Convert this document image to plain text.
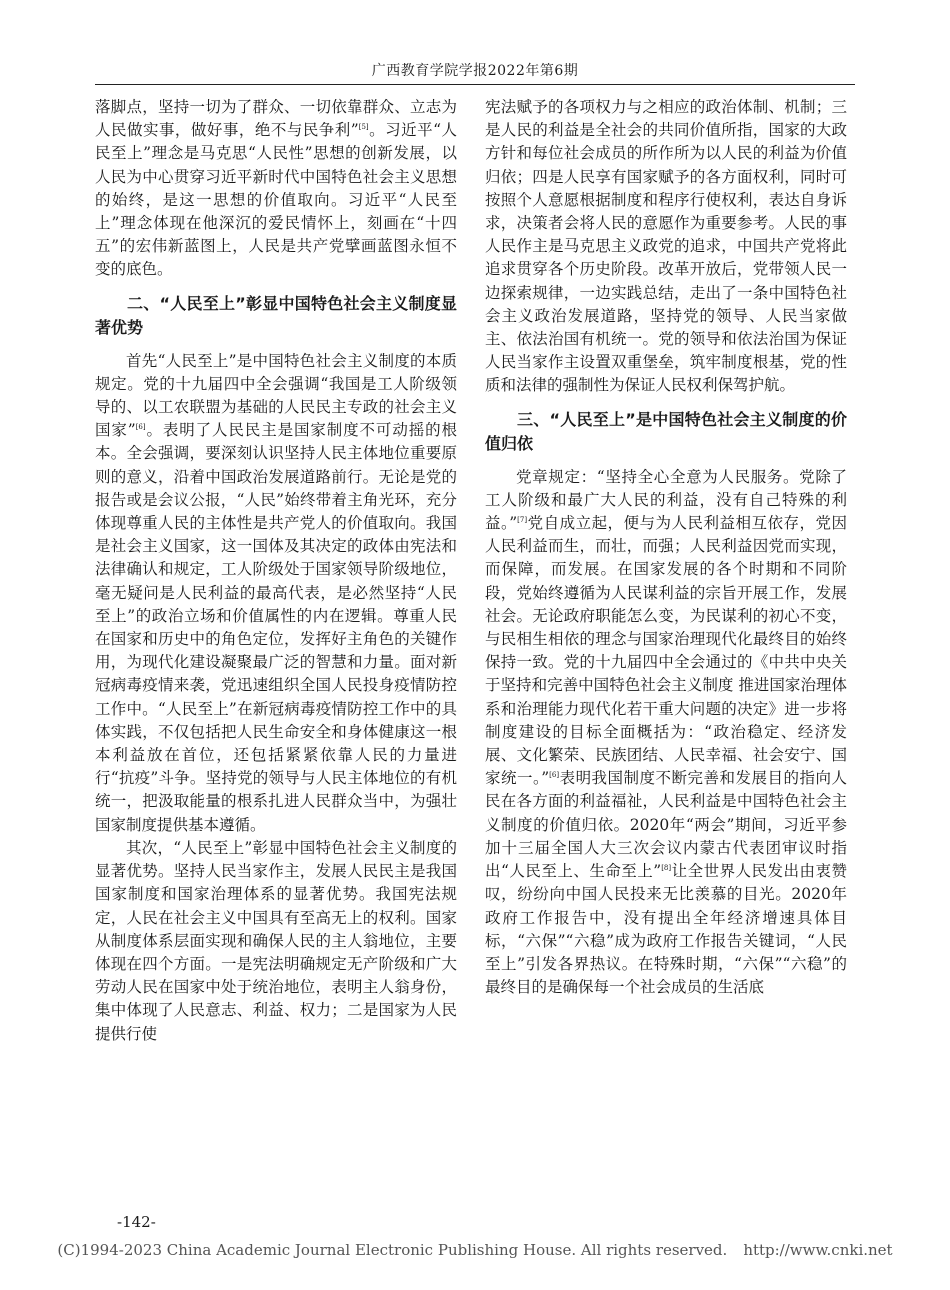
广西教育学院学报2022年第6期

落脚点，坚持一切为了群众、一切依靠群众、立志为人民做实事，做好事，绝不与民争利”[5]。习近平“人民至上”理念是马克思“人民性”思想的创新发展，以人民为中心贯穿习近平新时代中国特色社会主义思想的始终，是这一思想的价值取向。习近平“人民至上”理念体现在他深沉的爱民情怀上，刻画在“十四五”的宏伟新蓝图上，人民是共产党擘画蓝图永恒不变的底色。

二、“人民至上”彰显中国特色社会主义制度显著优势

首先“人民至上”是中国特色社会主义制度的本质规定。党的十九届四中全会强调“我国是工人阶级领导的、以工农联盟为基础的人民民主专政的社会主义国家”[6]。表明了人民民主是国家制度不可动摇的根本。全会强调，要深刻认识坚持人民主体地位重要原则的意义，沿着中国政治发展道路前行。无论是党的报告或是会议公报，“人民”始终带着主角光环，充分体现尊重人民的主体性是共产党人的价值取向。我国是社会主义国家，这一国体及其决定的政体由宪法和法律确认和规定，工人阶级处于国家领导阶级地位，毫无疑问是人民利益的最高代表，是必然坚持“人民至上”的政治立场和价值属性的内在逻辑。尊重人民在国家和历史中的角色定位，发挥好主角色的关键作用，为现代化建设凝聚最广泛的智慧和力量。面对新冠病毒疫情来袭，党迅速组织全国人民投身疫情防控工作中。“人民至上”在新冠病毒疫情防控工作中的具体实践，不仅包括把人民生命安全和身体健康这一根本利益放在首位，还包括紧紧依靠人民的力量进行“抗疫”斗争。坚持党的领导与人民主体地位的有机统一，把汲取能量的根系扎进人民群众当中，为强壮国家制度提供基本遵循。

其次，“人民至上”彰显中国特色社会主义制度的显著优势。坚持人民当家作主，发展人民民主是我国国家制度和国家治理体系的显著优势。我国宪法规定，人民在社会主义中国具有至高无上的权利。国家从制度体系层面实现和确保人民的主人翁地位，主要体现在四个方面。一是宪法明确规定无产阶级和广大劳动人民在国家中处于统治地位，表明主人翁身份，集中体现了人民意志、利益、权力；二是国家为人民提供行使

宪法赋予的各项权力与之相应的政治体制、机制；三是人民的利益是全社会的共同价值所指，国家的大政方针和每位社会成员的所作所为以人民的利益为价值归依；四是人民享有国家赋予的各方面权利，同时可按照个人意愿根据制度和程序行使权利，表达自身诉求，决策者会将人民的意愿作为重要参考。人民的事人民作主是马克思主义政党的追求，中国共产党将此追求贯穿各个历史阶段。改革开放后，党带领人民一边探索规律，一边实践总结，走出了一条中国特色社会主义政治发展道路，坚持党的领导、人民当家做主、依法治国有机统一。党的领导和依法治国为保证人民当家作主设置双重堡垒，筑牢制度根基，党的性质和法律的强制性为保证人民权利保驾护航。

三、“人民至上”是中国特色社会主义制度的价值归依

党章规定：“坚持全心全意为人民服务。党除了工人阶级和最广大人民的利益，没有自己特殊的利益。”[7]党自成立起，便与为人民利益相互依存，党因人民利益而生，而壮，而强；人民利益因党而实现，而保障，而发展。在国家发展的各个时期和不同阶段，党始终遵循为人民谋利益的宗旨开展工作，发展社会。无论政府职能怎么变，为民谋利的初心不变，与民相生相依的理念与国家治理现代化最终目的始终保持一致。党的十九届四中全会通过的《中共中央关于坚持和完善中国特色社会主义制度 推进国家治理体系和治理能力现代化若干重大问题的决定》进一步将制度建设的目标全面概括为：“政治稳定、经济发展、文化繁荣、民族团结、人民幸福、社会安宁、国家统一。”[6]表明我国制度不断完善和发展目的指向人民在各方面的利益福祉，人民利益是中国特色社会主义制度的价值归依。2020年“两会”期间，习近平参加十三届全国人大三次会议内蒙古代表团审议时指出“人民至上、生命至上”[8]让全世界人民发出由衷赞叹，纷纷向中国人民投来无比羡慕的目光。2020年政府工作报告中，没有提出全年经济增速具体目标，“六保”“六稳”成为政府工作报告关键词，“人民至上”引发各界热议。在特殊时期，“六保”“六稳”的最终目的是确保每一个社会成员的生活底

-142-
(C)1994-2023 China Academic Journal Electronic Publishing House. All rights reserved. http://www.cnki.net
